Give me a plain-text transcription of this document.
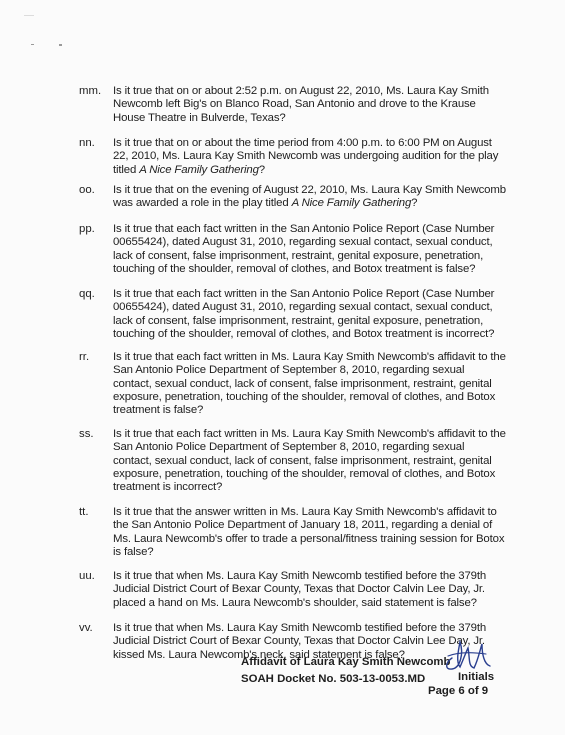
mm. Is it true that on or about 2:52 p.m. on August 22, 2010, Ms. Laura Kay Smith Newcomb left Big's on Blanco Road, San Antonio and drove to the Krause House Theatre in Bulverde, Texas?
nn. Is it true that on or about the time period from 4:00 p.m. to 6:00 PM on August 22, 2010, Ms. Laura Kay Smith Newcomb was undergoing audition for the play titled A Nice Family Gathering?
oo. Is it true that on the evening of August 22, 2010, Ms. Laura Kay Smith Newcomb was awarded a role in the play titled A Nice Family Gathering?
pp. Is it true that each fact written in the San Antonio Police Report (Case Number 00655424), dated August 31, 2010, regarding sexual contact, sexual conduct, lack of consent, false imprisonment, restraint, genital exposure, penetration, touching of the shoulder, removal of clothes, and Botox treatment is false?
qq. Is it true that each fact written in the San Antonio Police Report (Case Number 00655424), dated August 31, 2010, regarding sexual contact, sexual conduct, lack of consent, false imprisonment, restraint, genital exposure, penetration, touching of the shoulder, removal of clothes, and Botox treatment is incorrect?
rr. Is it true that each fact written in Ms. Laura Kay Smith Newcomb's affidavit to the San Antonio Police Department of September 8, 2010, regarding sexual contact, sexual conduct, lack of consent, false imprisonment, restraint, genital exposure, penetration, touching of the shoulder, removal of clothes, and Botox treatment is false?
ss. Is it true that each fact written in Ms. Laura Kay Smith Newcomb's affidavit to the San Antonio Police Department of September 8, 2010, regarding sexual contact, sexual conduct, lack of consent, false imprisonment, restraint, genital exposure, penetration, touching of the shoulder, removal of clothes, and Botox treatment is incorrect?
tt. Is it true that the answer written in Ms. Laura Kay Smith Newcomb's affidavit to the San Antonio Police Department of January 18, 2011, regarding a denial of Ms. Laura Newcomb's offer to trade a personal/fitness training session for Botox is false?
uu. Is it true that when Ms. Laura Kay Smith Newcomb testified before the 379th Judicial District Court of Bexar County, Texas that Doctor Calvin Lee Day, Jr. placed a hand on Ms. Laura Newcomb's shoulder, said statement is false?
vv. Is it true that when Ms. Laura Kay Smith Newcomb testified before the 379th Judicial District Court of Bexar County, Texas that Doctor Calvin Lee Day, Jr. kissed Ms. Laura Newcomb's neck, said statement is false?
Affidavit of Laura Kay Smith Newcomb
SOAH Docket No. 503-13-0053.MD	Initials
Page 6 of 9
